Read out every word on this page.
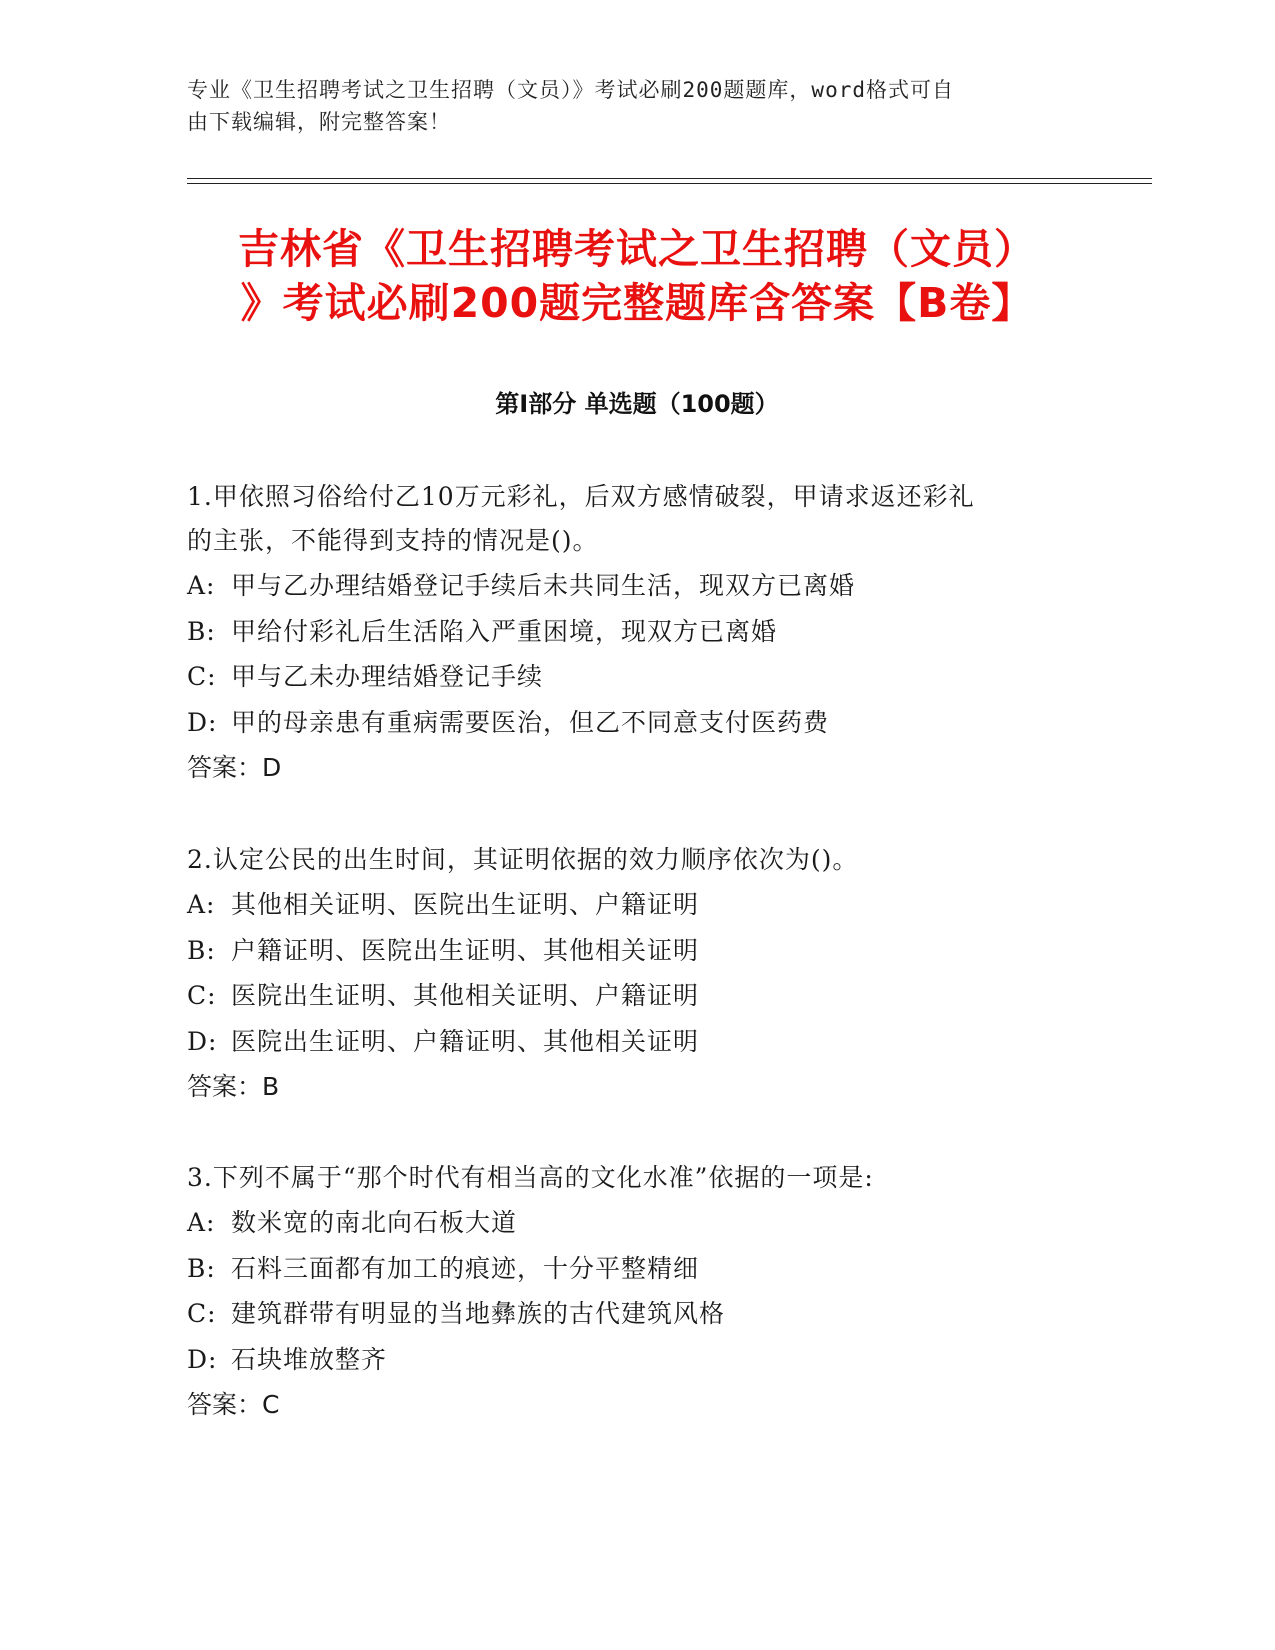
专业《卫生招聘考试之卫生招聘（文员）》考试必刷200题题库，word格式可自
由下载编辑，附完整答案！
吉林省《卫生招聘考试之卫生招聘（文员）
》考试必刷200题完整题库含答案【B卷】
第Ⅰ部分 单选题（100题）
1.甲依照习俗给付乙10万元彩礼，后双方感情破裂，甲请求返还彩礼
的主张，不能得到支持的情况是()。
A: 甲与乙办理结婚登记手续后未共同生活，现双方已离婚
B: 甲给付彩礼后生活陷入严重困境，现双方已离婚
C: 甲与乙未办理结婚登记手续
D: 甲的母亲患有重病需要医治，但乙不同意支付医药费
答案：D
2.认定公民的出生时间，其证明依据的效力顺序依次为()。
A: 其他相关证明、医院出生证明、户籍证明
B: 户籍证明、医院出生证明、其他相关证明
C: 医院出生证明、其他相关证明、户籍证明
D: 医院出生证明、户籍证明、其他相关证明
答案：B
3.下列不属于“那个时代有相当高的文化水准”依据的一项是:
A: 数米宽的南北向石板大道
B: 石料三面都有加工的痕迹，十分平整精细
C: 建筑群带有明显的当地彝族的古代建筑风格
D: 石块堆放整齐
答案：C
